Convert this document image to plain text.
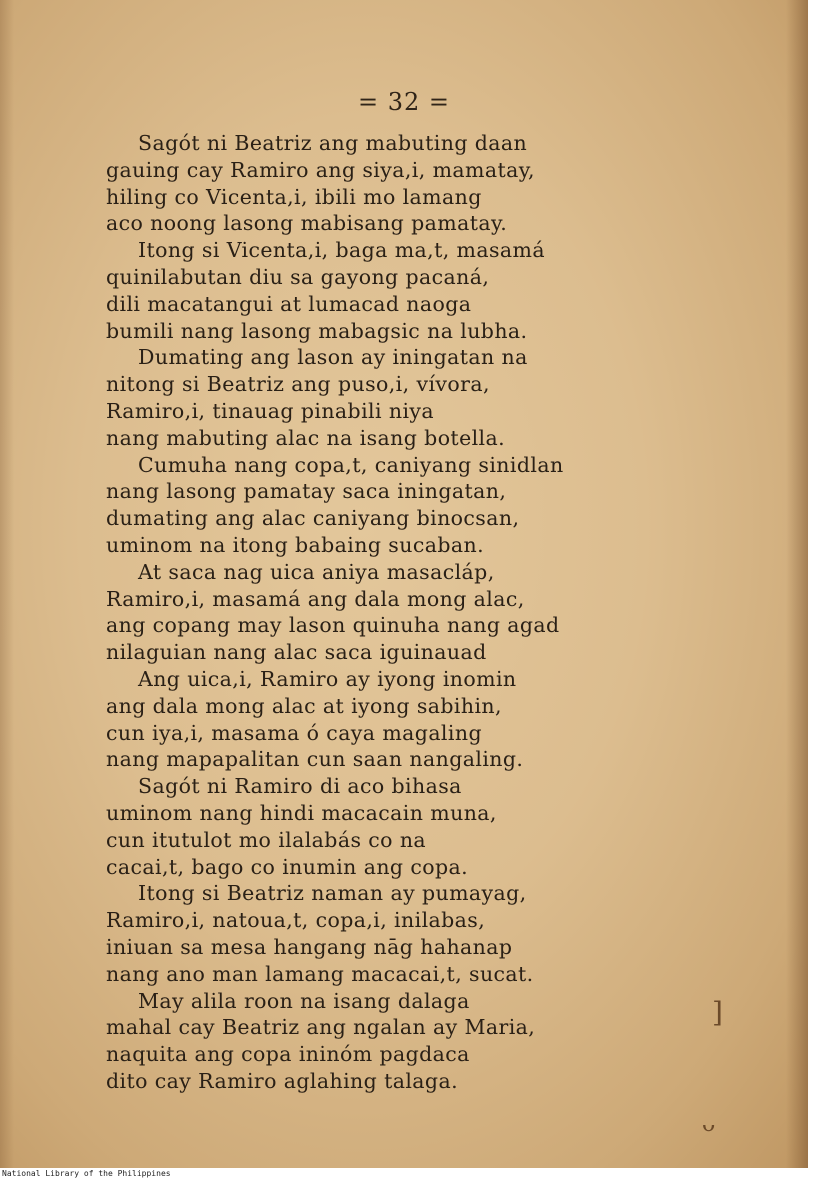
= 32 =
Sagót ni Beatriz ang mabuting daan
gauing cay Ramiro ang siya,i, mamatay,
hiling co Vicenta,i, ibili mo lamang
aco noong lasong mabisang pamatay.
Itong si Vicenta,i, baga ma,t, masamá
quinilabutan diu sa gayong pacaná,
dili macatangui at lumacad naoga
bumili nang lasong mabagsic na lubha.
Dumating ang lason ay iningatan na
nitong si Beatriz ang puso,i, vívora,
Ramiro,i, tinauag pinabili niya
nang mabuting alac na isang botella.
Cumuha nang copa,t, caniyang sinidlan
nang lasong pamatay saca iningatan,
dumating ang alac caniyang binocsan,
uminom na itong babaing sucaban.
At saca nag uica aniya masacláp,
Ramiro,i, masamá ang dala mong alac,
ang copang may lason quinuha nang agad
nilaguian nang alac saca iguinauad
Ang uica,i, Ramiro ay iyong inomin
ang dala mong alac at iyong sabihin,
cun iya,i, masama ó caya magaling
nang mapapalitan cun saan nangaling.
Sagót ni Ramiro di aco bihasa
uminom nang hindi macacain muna,
cun itutulot mo ilalabás co na
cacai,t, bago co inumin ang copa.
Itong si Beatriz naman ay pumayag,
Ramiro,i, natoua,t, copa,i, inilabas,
iniuan sa mesa hangang nāg hahanap
nang ano man lamang macacai,t, sucat.
May alila roon na isang dalaga
mahal cay Beatriz ang ngalan ay Maria,
naquita ang copa ininóm pagdaca
dito cay Ramiro aglahing talaga.
]
ᴗ
National Library of the Philippines
